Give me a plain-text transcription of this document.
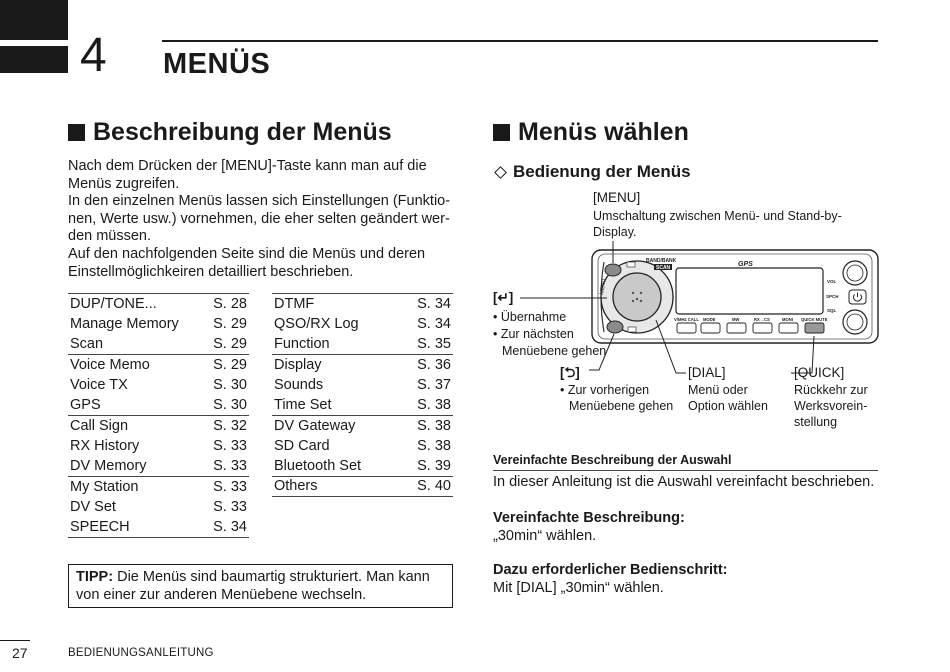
4 MENÜS
Beschreibung der Menüs
Nach dem Drücken der [MENU]-Taste kann man auf die
Menüs zugreifen.
In den einzelnen Menüs lassen sich Einstellungen (Funktio-
nen, Werte usw.) vornehmen, die eher selten geändert wer-
den müssen.
Auf den nachfolgenden Seite sind die Menüs und deren
Einstellmöglichkeiren detailliert beschrieben.
DUP/TONE...	S. 28
Manage Memory	S. 29
Scan	S. 29
Voice Memo	S. 29
Voice TX	S. 30
GPS	S. 30
Call Sign	S. 32
RX History	S. 33
DV Memory	S. 33
My Station	S. 33
DV Set	S. 33
SPEECH	S. 34
DTMF	S. 34
QSO/RX Log	S. 34
Function	S. 35
Display	S. 36
Sounds	S. 37
Time Set	S. 38
DV Gateway	S. 38
SD Card	S. 38
Bluetooth Set	S. 39
Others	S. 40
TIPP: Die Menüs sind baumartig strukturiert. Man kann
von einer zur anderen Menüebene wechseln.
27	BEDIENUNGSANLEITUNG
Menüs wählen
Bedienung der Menüs
MENU
BAND/BANK
SCAN	GPS
V/MHz CALL MODE	MW	RX→CS	MONI QUICK MUTE
VOL
SPCH
SQL
[MENU]
Umschaltung zwischen Menü- und Stand-by-
Display.
[↵]
• Übernahme
• Zur nächsten
Menüebene gehen
[⮌]
• Zur vorherigen
Menüebene gehen
[DIAL]
Menü oder
Option wählen
[QUICK]
Rückkehr zur
Werksvorein-
stellung
Vereinfachte Beschreibung der Auswahl
In dieser Anleitung ist die Auswahl vereinfacht beschrieben.
Vereinfachte Beschreibung:
„30min“ wählen.
Dazu erforderlicher Bedienschritt:
Mit [DIAL] „30min“ wählen.
